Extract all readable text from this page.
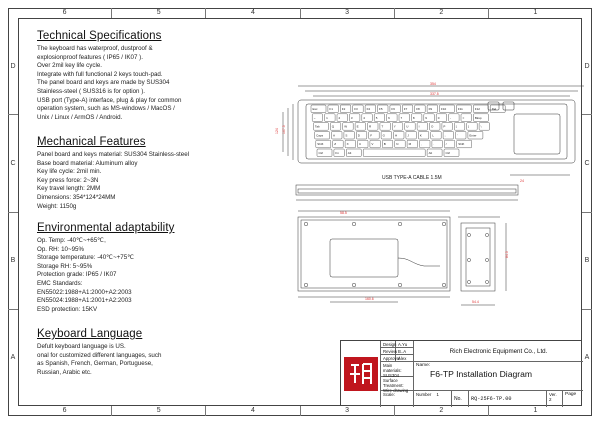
6	5	4	3	2	1
6	5	4	3	2	1
D
C
B
A
D
C
B
A
Technical Specifications

The keyboard has waterproof, dustproof &

explosionproof features ( IP65 / IK07 ).

Over 2mil key life cycle.

Integrate with full functional 2 keys touch-pad.

The panel board and keys are made by SUS304

Stainless-steel ( SUS316 is for option ).

USB port (Type-A) interface, plug & play for common

operation system, such as MS-windows / MacOS /

Unix / Linux / ArmOS / Android.

Mechanical Features

Panel board and keys material: SUS304 Stainless-steel

Base board material: Aluminum alloy

Key life cycle: 2mil min.

Key press force: 2~3N

Key travel length: 2MM

Dimensions: 354*124*24MM

Weight: 1150g

Environmental adaptability

Op. Temp: -40℃~+65℃,

Op. RH: 10~95%

Storage temperature: -40℃~+75℃

Storage RH: 5~95%

Protection grade: IP65 / IK07

EMC Standards:

EN55022:1988+A1:2000+A2:2003

EN55024:1988+A1:2001+A2:2003

ESD protection: 15KV

Keyboard Language

Defult keyboard language is US.

onal for customized different languages, such

as Spanish, French, German, Portuguese,

Russian, Arabic etc.

354
337.5
124 107.5
24
160.6
58.5
54.4
84.5
USB TYPE-A CABLE 1.5M
Esc	F1	F2	F3	F4	F5	F6	F7	F8	F9	F10	F11	F12	Del
~	1	2	3	4	5	6	7	8	9	0	-	=	Bksp
Tab	Q	W	E	R	T	Y	U	I	O	P	[	]	\
Caps	A	S	D	F	G	H	J	K	L	;	'	Enter
Shift	Z	X	C	V	B	N	M	,	.	/	Shift
Ctrl	Fn	Alt	Alt	Ctrl
Design A.Yu
Review B..A
Approval
Alex
Main materials:
SUS304
Surface Treatment:
Wire-drawing
Scale:	Number 1
Rich Electronic Equipment Co., Ltd.
Name:
F6-TP Installation Diagram
No.	RQ-25F6-TP.00
Ver.
2
Page
